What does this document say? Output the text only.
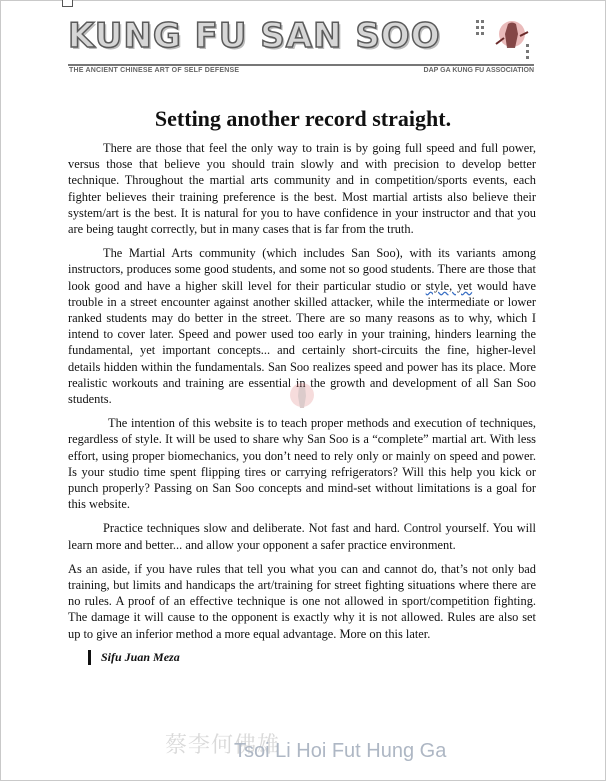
KUNG FU SAN SOO
THE ANCIENT CHINESE ART OF SELF DEFENSE	DAP GA KUNG FU ASSOCIATION
Setting another record straight.

There are those that feel the only way to train is by going full speed and full power, versus those that believe you should train slowly and with precision to develop better technique. Throughout the martial arts community and in competition/sports events, each fighter believes their training preference is the best. Most martial artists also believe their system/art is the best. It is natural for you to have confidence in your instructor and that you are being taught correctly, but in many cases that is far from the truth.

The Martial Arts community (which includes San Soo), with its variants among instructors, produces some good students, and some not so good students. There are those that look good and have a higher skill level for their particular studio or style, yet would have trouble in a street encounter against another skilled attacker, while the intermediate or lower ranked students may do better in the street. There are so many reasons as to why, which I intend to cover later. Speed and power used too early in your training, hinders learning the fundamental, yet important concepts... and certainly short-circuits the fine, higher-level details hidden within the fundamentals. San Soo realizes speed and power has its place. More realistic workouts and training are essential in the growth and development of all San Soo students.

The intention of this website is to teach proper methods and execution of techniques, regardless of style. It will be used to share why San Soo is a “complete” martial art. With less effort, using proper biomechanics, you don’t need to rely only or mainly on speed and power. Is your studio time spent flipping tires or carrying refrigerators? Will this help you kick or punch properly? Passing on San Soo concepts and mind-set without limitations is a goal for this website.

Practice techniques slow and deliberate. Not fast and hard. Control yourself. You will learn more and better... and allow your opponent a safer practice environment.

As an aside, if you have rules that tell you what you can and cannot do, that’s not only bad training, but limits and handicaps the art/training for street fighting situations where there are no rules. A proof of an effective technique is one not allowed in sport/competition fighting. The damage it will cause to the opponent is exactly why it is not allowed. Rules are also set up to give an inferior method a more equal advantage. More on this later.

Sifu Juan Meza
蔡李何佛雄
Tsoi Li Hoi Fut Hung Ga
